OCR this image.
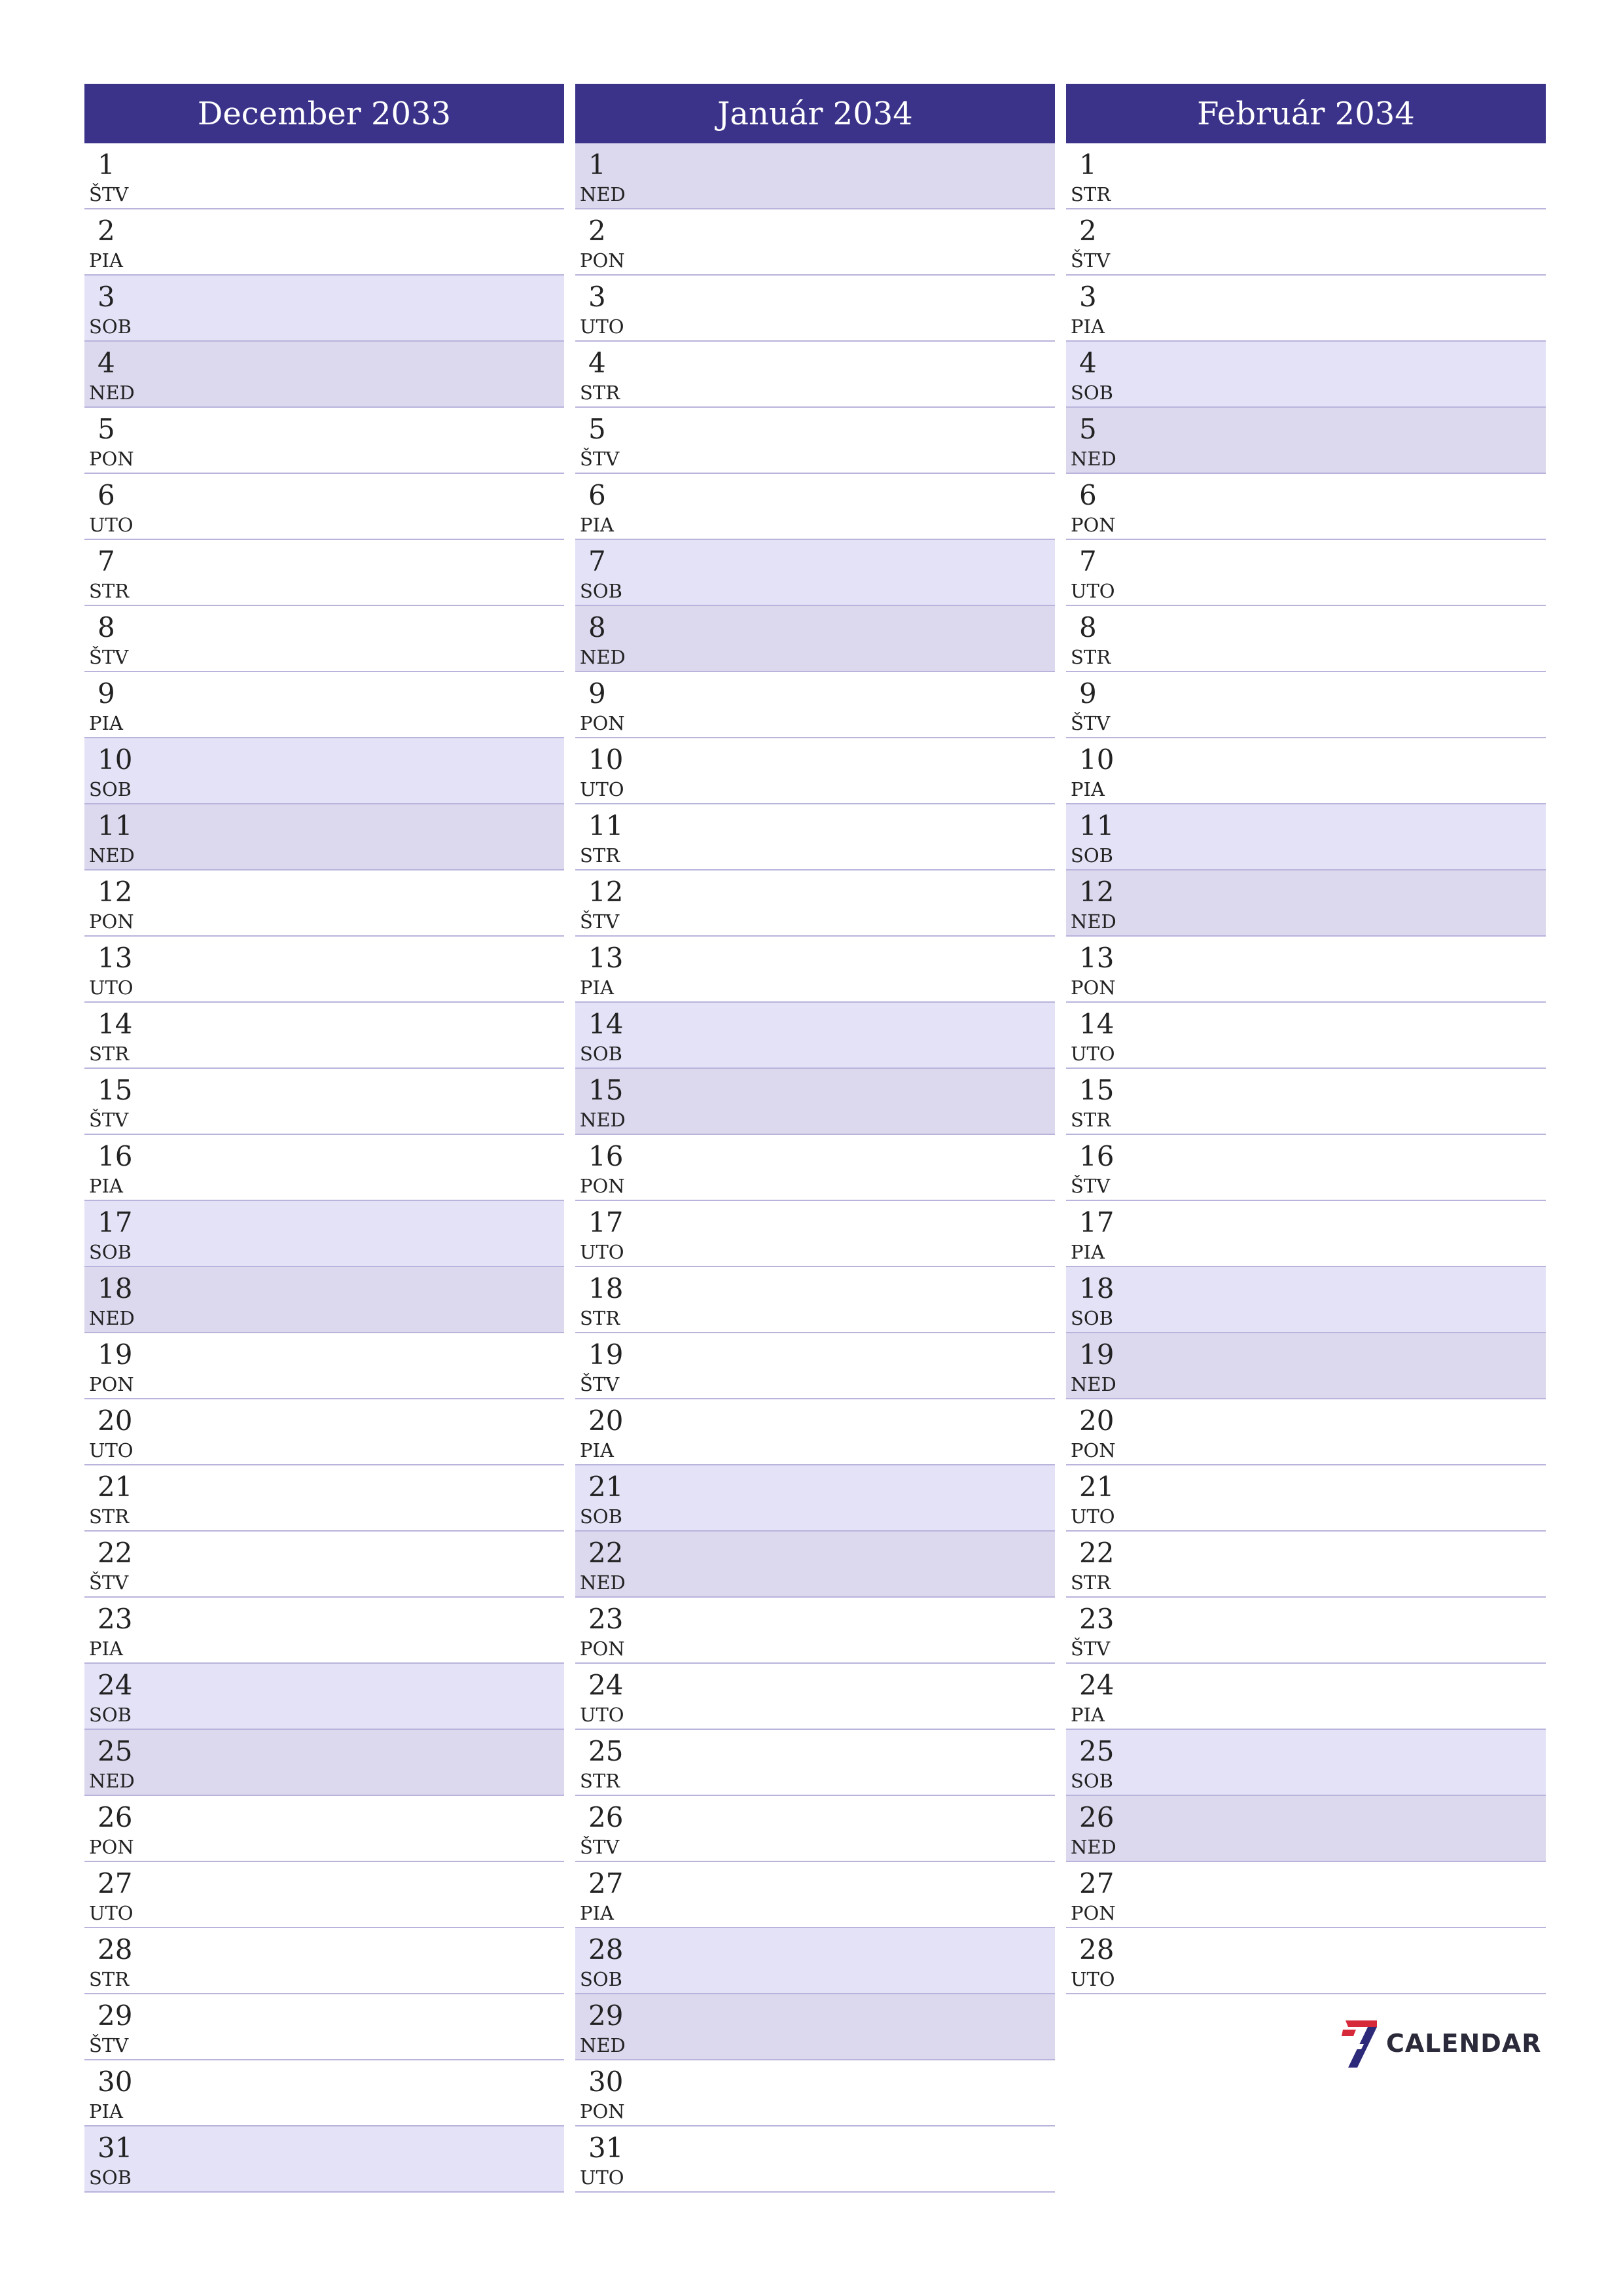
December 2033
1
ŠTV
2
PIA
3
SOB
4
NED
5
PON
6
UTO
7
STR
8
ŠTV
9
PIA
10
SOB
11
NED
12
PON
13
UTO
14
STR
15
ŠTV
16
PIA
17
SOB
18
NED
19
PON
20
UTO
21
STR
22
ŠTV
23
PIA
24
SOB
25
NED
26
PON
27
UTO
28
STR
29
ŠTV
30
PIA
31
SOB
Január 2034
1
NED
2
PON
3
UTO
4
STR
5
ŠTV
6
PIA
7
SOB
8
NED
9
PON
10
UTO
11
STR
12
ŠTV
13
PIA
14
SOB
15
NED
16
PON
17
UTO
18
STR
19
ŠTV
20
PIA
21
SOB
22
NED
23
PON
24
UTO
25
STR
26
ŠTV
27
PIA
28
SOB
29
NED
30
PON
31
UTO
Február 2034
1
STR
2
ŠTV
3
PIA
4
SOB
5
NED
6
PON
7
UTO
8
STR
9
ŠTV
10
PIA
11
SOB
12
NED
13
PON
14
UTO
15
STR
16
ŠTV
17
PIA
18
SOB
19
NED
20
PON
21
UTO
22
STR
23
ŠTV
24
PIA
25
SOB
26
NED
27
PON
28
UTO
CALENDAR
